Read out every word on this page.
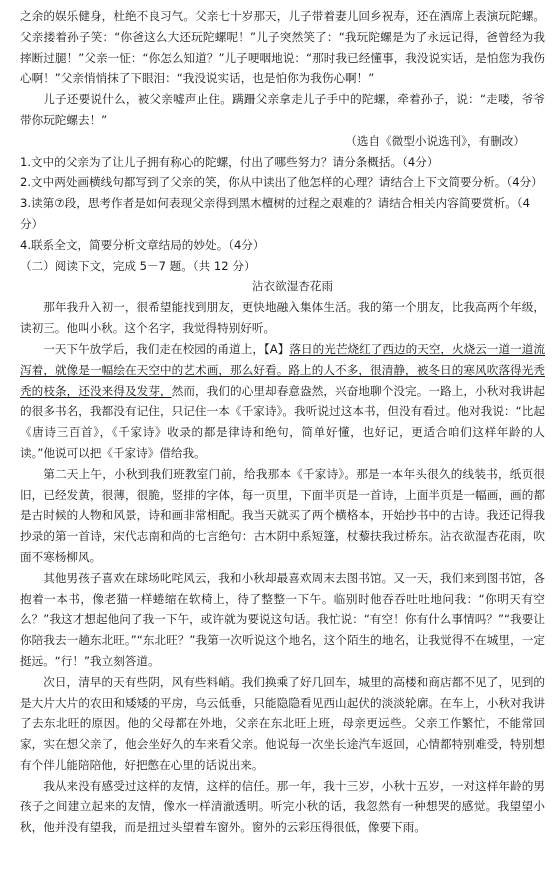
之余的娱乐健身，杜绝不良习气。父亲七十岁那天，儿子带着妻儿回乡祝寿，还在酒席上表演玩陀螺。父亲搂着孙子笑：“你爸这么大还玩陀螺呢！”儿子突然笑了：“我玩陀螺是为了永远记得，爸曾经为我摔断过腿！”父亲一怔：“你怎么知道？”儿子哽咽地说：“那时我已经懂事，我没说实话，是怕您为我伤心啊！”父亲悄悄抹了下眼泪：“我没说实话，也是怕你为我伤心啊！”

儿子还要说什么，被父亲嘘声止住。蹒跚父亲拿走儿子手中的陀螺，牵着孙子，说：“走喽，爷爷带你玩陀螺去！”

（选自《微型小说选刊》，有删改）

1.文中的父亲为了让儿子拥有称心的陀螺，付出了哪些努力？请分条概括。（4分）

2.文中两处画横线句都写到了父亲的笑，你从中读出了他怎样的心理？请结合上下文简要分析。（4分）

3.读第⑦段，思考作者是如何表现父亲得到黑木檀树的过程之艰难的？请结合相关内容简要赏析。（4分）

4.联系全文，简要分析文章结局的妙处。（4分）

（二）阅读下文，完成 5－7 题。（共 12 分）

沾衣欲湿杏花雨

那年我升入初一，很希望能找到朋友，更快地融入集体生活。我的第一个朋友，比我高两个年级，读初三。他叫小秋。这个名字，我觉得特别好听。

一天下午放学后，我们走在校园的甬道上，【A】落日的光芒烧红了西边的天空，火烧云一道一道流泻着，就像是一幅绘在天空中的艺术画，那么好看。路上的人不多，很清静，被冬日的寒风吹落得光秃秃的枝条，还没来得及发芽，然而，我们的心里却春意盎然，兴奋地聊个没完。一路上，小秋对我讲起的很多书名，我都没有记住，只记住一本《千家诗》。我听说过这本书，但没有看过。他对我说：“比起《唐诗三百首》，《千家诗》收录的都是律诗和绝句，简单好懂，也好记，更适合咱们这样年龄的人读。”他说可以把《千家诗》借给我。

第二天上午，小秋到我们班教室门前，给我那本《千家诗》。那是一本年头很久的线装书，纸页很旧，已经发黄，很薄，很脆，竖排的字体，每一页里，下面半页是一首诗，上面半页是一幅画，画的都是古时候的人物和风景，诗和画非常相配。我当天就买了两个横格本，开始抄书中的古诗。我还记得我抄录的第一首诗，宋代志南和尚的七言绝句：古木阴中系短篷，杖藜扶我过桥东。沾衣欲湿杏花雨，吹面不寒杨柳风。

其他男孩子喜欢在球场叱咤风云，我和小秋却最喜欢周末去图书馆。又一天，我们来到图书馆，各抱着一本书，像老猫一样蜷缩在软椅上，待了整整一下午。临别时他吞吞吐吐地问我：“你明天有空么？”我这才想起他问了我一下午，或许就为要说这句话。我忙说：“有空！你有什么事情吗？”“我要让你陪我去一趟东北旺。”“东北旺？”我第一次听说这个地名，这个陌生的地名，让我觉得不在城里，一定挺远。“行！”我立刻答道。

次日，清早的天有些阴，风有些料峭。我们换乘了好几回车，城里的高楼和商店都不见了，见到的是大片大片的农田和矮矮的平房，乌云低垂，只能隐隐看见西山起伏的淡淡轮廓。在车上，小秋对我讲了去东北旺的原因。他的父母都在外地，父亲在东北旺上班，母亲更远些。父亲工作繁忙，不能常回家，实在想父亲了，他会坐好久的车来看父亲。他说每一次坐长途汽车返回，心情都特别难受，特别想有个伴儿能陪陪他，好把憋在心里的话说出来。

我从来没有感受过这样的友情，这样的信任。那一年，我十三岁，小秋十五岁，一对这样年龄的男孩子之间建立起来的友情，像水一样清澈透明。听完小秋的话，我忽然有一种想哭的感觉。我望望小秋，他并没有望我，而是扭过头望着车窗外。窗外的云彩压得很低，像要下雨。
